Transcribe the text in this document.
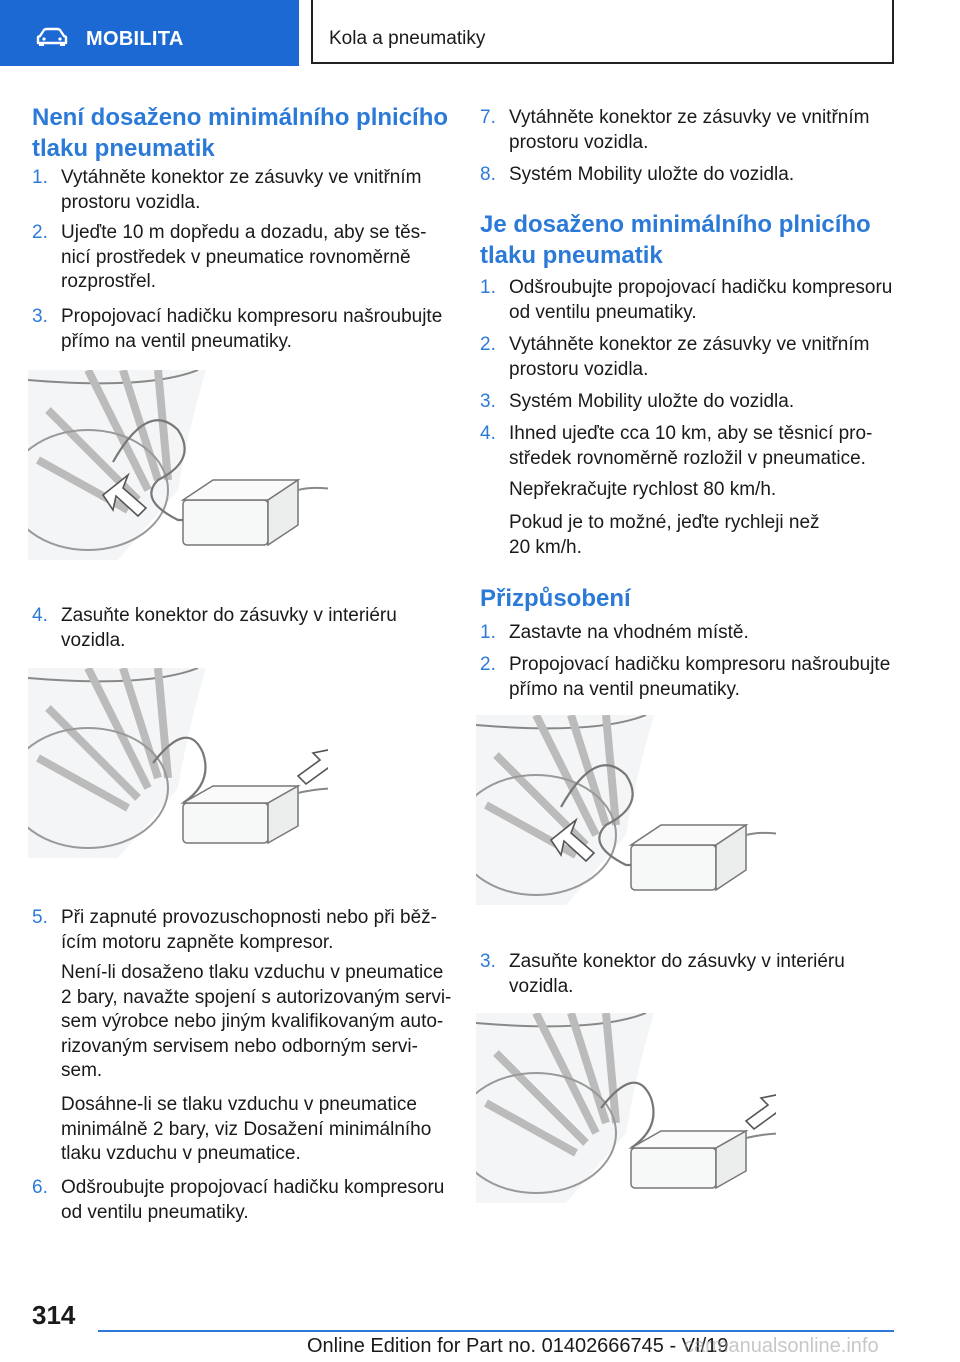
MOBILITA	Kola a pneumatiky
Není dosaženo minimálního plnicího
tlaku pneumatik
1. Vytáhněte konektor ze zásuvky ve vnitřním
prostoru vozidla.
2. Ujeďte 10 m dopředu a dozadu, aby se těs‐
nicí prostředek v pneumatice rovnoměrně
rozprostřel.
3. Propojovací hadičku kompresoru našroubujte
přímo na ventil pneumatiky.
4. Zasuňte konektor do zásuvky v interiéru
vozidla.
5. Při zapnuté provozuschopnosti nebo při běž‐
ícím motoru zapněte kompresor.
Není-li dosaženo tlaku vzduchu v pneumatice
2 bary, navažte spojení s autorizovaným servi‐
sem výrobce nebo jiným kvalifikovaným auto‐
rizovaným servisem nebo odborným servi‐
sem.
Dosáhne-li se tlaku vzduchu v pneumatice
minimálně 2 bary, viz Dosažení minimálního
tlaku vzduchu v pneumatice.
6. Odšroubujte propojovací hadičku kompresoru
od ventilu pneumatiky.
7. Vytáhněte konektor ze zásuvky ve vnitřním
prostoru vozidla.
8. Systém Mobility uložte do vozidla.
Je dosaženo minimálního plnicího
tlaku pneumatik
1. Odšroubujte propojovací hadičku kompresoru
od ventilu pneumatiky.
2. Vytáhněte konektor ze zásuvky ve vnitřním
prostoru vozidla.
3. Systém Mobility uložte do vozidla.
4. Ihned ujeďte cca 10 km, aby se těsnicí pro‐
středek rovnoměrně rozložil v pneumatice.
Nepřekračujte rychlost 80 km/h.
Pokud je to možné, jeďte rychleji než
20 km/h.
Přizpůsobení
1. Zastavte na vhodném místě.
2. Propojovací hadičku kompresoru našroubujte
přímo na ventil pneumatiky.
3. Zasuňte konektor do zásuvky v interiéru
vozidla.
314
Online Edition for Part no. 01402666745 - VI/19
carmanualsonline.info
